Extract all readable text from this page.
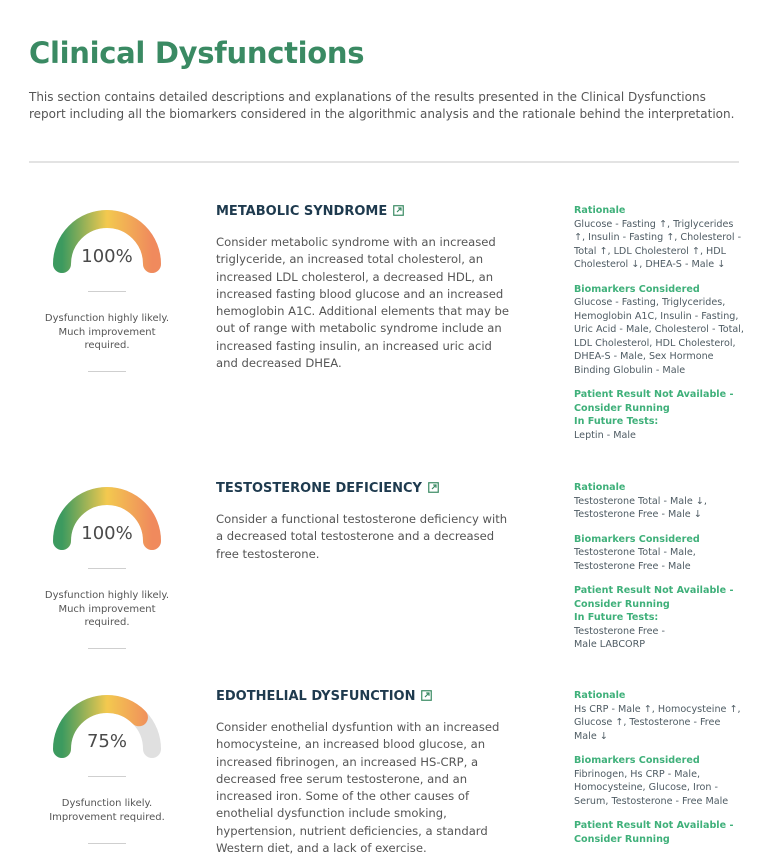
Clinical Dysfunctions

This section contains detailed descriptions and explanations of the results presented in the Clinical Dysfunctions report including all the biomarkers considered in the algorithmic analysis and the rationale behind the interpretation.

100%
Dysfunction highly likely.
Much improvement
required.
METABOLIC SYNDROME

Consider metabolic syndrome with an increased triglyceride, an increased total cholesterol, an increased LDL cholesterol, a decreased HDL, an increased fasting blood glucose and an increased hemoglobin A1C. Additional elements that may be out of range with metabolic syndrome include an increased fasting insulin, an increased uric acid and decreased DHEA.

Rationale
Glucose - Fasting ↑, Triglycerides ↑, Insulin - Fasting ↑, Cholesterol - Total ↑, LDL Cholesterol ↑, HDL Cholesterol ↓, DHEA-S - Male ↓
Biomarkers Considered
Glucose - Fasting, Triglycerides, Hemoglobin A1C, Insulin - Fasting, Uric Acid - Male, Cholesterol - Total, LDL Cholesterol, HDL Cholesterol, DHEA-S - Male, Sex Hormone Binding Globulin - Male
Patient Result Not Available -
Consider Running
In Future Tests:
Leptin - Male
100%
Dysfunction highly likely.
Much improvement
required.
TESTOSTERONE DEFICIENCY

Consider a functional testosterone deficiency with a decreased total testosterone and a decreased free testosterone.

Rationale
Testosterone Total - Male ↓, Testosterone Free - Male ↓
Biomarkers Considered
Testosterone Total - Male, Testosterone Free - Male
Patient Result Not Available -
Consider Running
In Future Tests:
Testosterone Free -
Male LABCORP
75%
Dysfunction likely.
Improvement required.
EDOTHELIAL DYSFUNCTION

Consider enothelial dysfuntion with an increased homocysteine, an increased blood glucose, an increased fibrinogen, an increased HS-CRP, a decreased free serum testosterone, and an increased iron. Some of the other causes of enothelial dysfunction include smoking, hypertension, nutrient deficiencies, a standard Western diet, and a lack of exercise.

Rationale
Hs CRP - Male ↑, Homocysteine ↑, Glucose ↑, Testosterone - Free Male ↓
Biomarkers Considered
Fibrinogen, Hs CRP - Male, Homocysteine, Glucose, Iron - Serum, Testosterone - Free Male
Patient Result Not Available -
Consider Running
